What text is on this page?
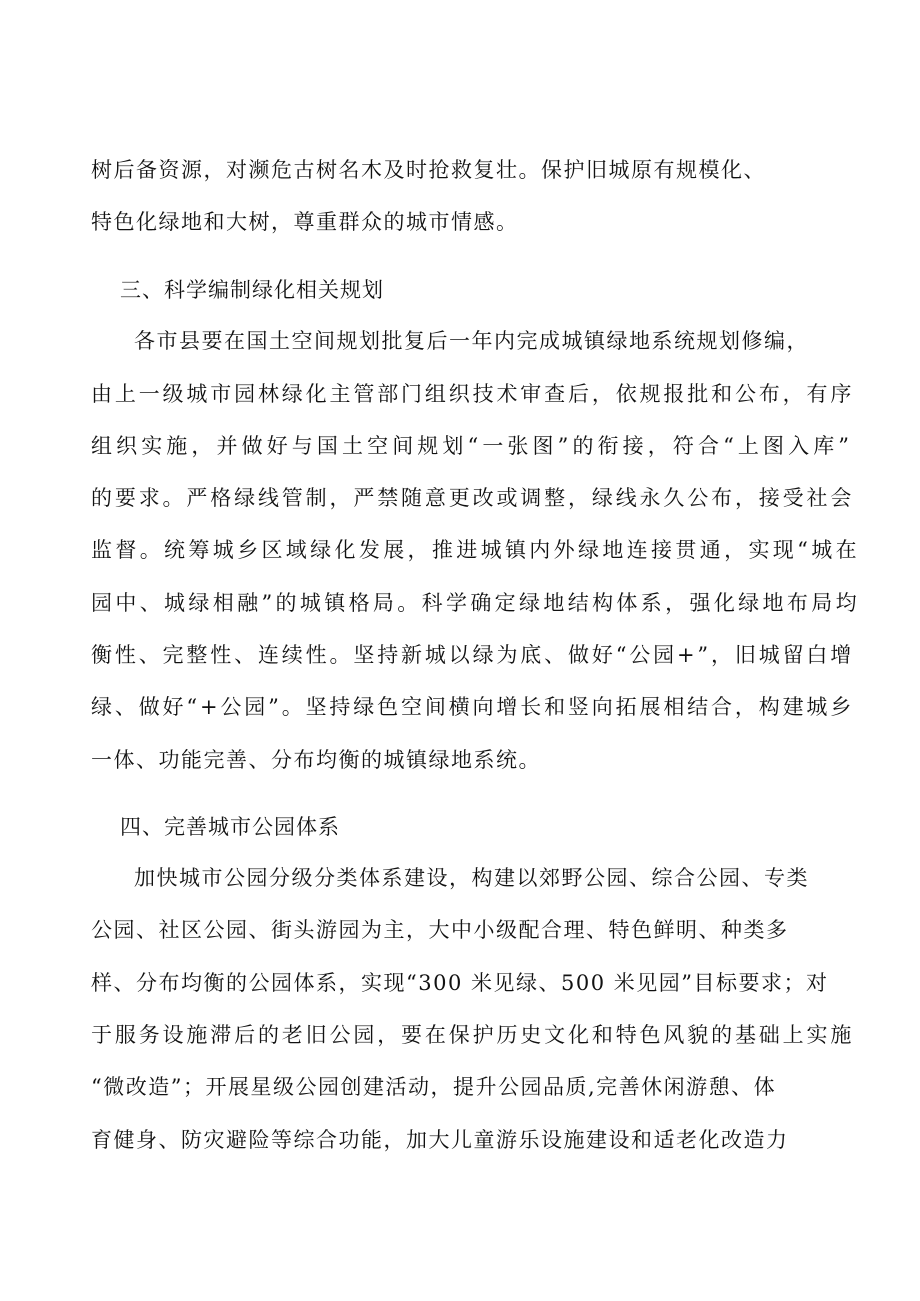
树后备资源，对濒危古树名木及时抢救复壮。保护旧城原有规模化、
特色化绿地和大树，尊重群众的城市情感。
三、科学编制绿化相关规划
各市县要在国土空间规划批复后一年内完成城镇绿地系统规划修编，
由上一级城市园林绿化主管部门组织技术审查后，依规报批和公布，有序
组织实施，并做好与国土空间规划“一张图”的衔接，符合“上图入库”
的要求。严格绿线管制，严禁随意更改或调整，绿线永久公布，接受社会
监督。统筹城乡区域绿化发展，推进城镇内外绿地连接贯通，实现“城在
园中、城绿相融”的城镇格局。科学确定绿地结构体系，强化绿地布局均
衡性、完整性、连续性。坚持新城以绿为底、做好“公园+”，旧城留白增
绿、做好“+公园”。坚持绿色空间横向增长和竖向拓展相结合，构建城乡
一体、功能完善、分布均衡的城镇绿地系统。
四、完善城市公园体系
加快城市公园分级分类体系建设，构建以郊野公园、综合公园、专类
公园、社区公园、街头游园为主，大中小级配合理、特色鲜明、种类多
样、分布均衡的公园体系，实现“300 米见绿、500 米见园”目标要求；对
于服务设施滞后的老旧公园，要在保护历史文化和特色风貌的基础上实施
“微改造”；开展星级公园创建活动，提升公园品质,完善休闲游憩、体
育健身、防灾避险等综合功能，加大儿童游乐设施建设和适老化改造力
